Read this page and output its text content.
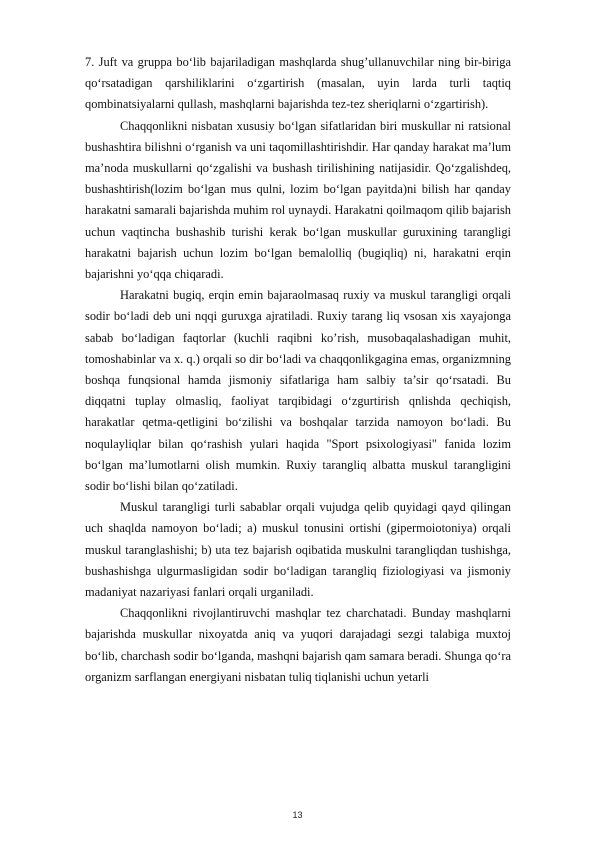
7. Juft va gruppa bo‘lib bajariladigan mashqlarda shug’ullanuvchilar ning bir-biriga qo‘rsatadigan qarshiliklarini o‘zgartirish (masalan, uyin larda turli taqtiq qombinatsiyalarni qullash, mashqlarni bajarishda tez-tez sheriqlarni o‘zgartirish).

Chaqqonlikni nisbatan xususiy bo‘lgan sifatlaridan biri muskullar ni ratsional bushashtira bilishni o‘rganish va uni taqomillashtirishdir. Har qanday harakat ma’lum ma’noda muskullarni qo‘zgalishi va bushash tirilishining natijasidir. Qo‘zgalishdeq, bushashtirish(lozim bo‘lgan mus qulni, lozim bo‘lgan payitda)ni bilish har qanday harakatni samarali bajarishda muhim rol uynaydi. Harakatni qoilmaqom qilib bajarish uchun vaqtincha bushashib turishi kerak bo‘lgan muskullar guruxining tarangligi harakatni bajarish uchun lozim bo‘lgan bemalolliq (bugiqliq) ni, harakatni erqin bajarishni yo‘qqa chiqaradi.

Harakatni bugiq, erqin emin bajaraolmasaq ruxiy va muskul tarangligi orqali sodir bo‘ladi deb uni nqqi guruxga ajratiladi. Ruxiy tarang liq vsosan xis xayajonga sabab bo‘ladigan faqtorlar (kuchli raqibni ko’rish, musobaqalashadigan muhit, tomoshabinlar va x. q.) orqali so dir bo‘ladi va chaqqonlikgagina emas, organizmning boshqa funqsional hamda jismoniy sifatlariga ham salbiy ta’sir qo‘rsatadi. Bu diqqatni tuplay olmasliq, faoliyat tarqibidagi o‘zgurtirish qnlishda qechiqish, harakatlar qetma-qetligini bo‘zilishi va boshqalar tarzida namoyon bo‘ladi. Bu noqulayliqlar bilan qo‘rashish yulari haqida "Sport psixologiyasi" fanida lozim bo‘lgan ma’lumotlarni olish mumkin. Ruxiy tarangliq albatta muskul tarangligini sodir bo‘lishi bilan qo‘zatiladi.

Muskul tarangligi turli sabablar orqali vujudga qelib quyidagi qayd qilingan uch shaqlda namoyon bo‘ladi; a) muskul tonusini ortishi (gipermoiotoniya) orqali muskul taranglashishi; b) uta tez bajarish oqibatida muskulni tarangliqdan tushishga, bushashishga ulgurmasligidan sodir bo‘ladigan tarangliq fiziologiyasi va jismoniy madaniyat nazariyasi fanlari orqali urganiladi.

Chaqqonlikni rivojlantiruvchi mashqlar tez charchatadi. Bunday mashqlarni bajarishda muskullar nixoyatda aniq va yuqori darajadagi sezgi talabiga muxtoj bo‘lib, charchash sodir bo‘lganda, mashqni bajarish qam samara beradi. Shunga qo‘ra organizm sarflangan energiyani nisbatan tuliq tiqlanishi uchun yetarli

13
